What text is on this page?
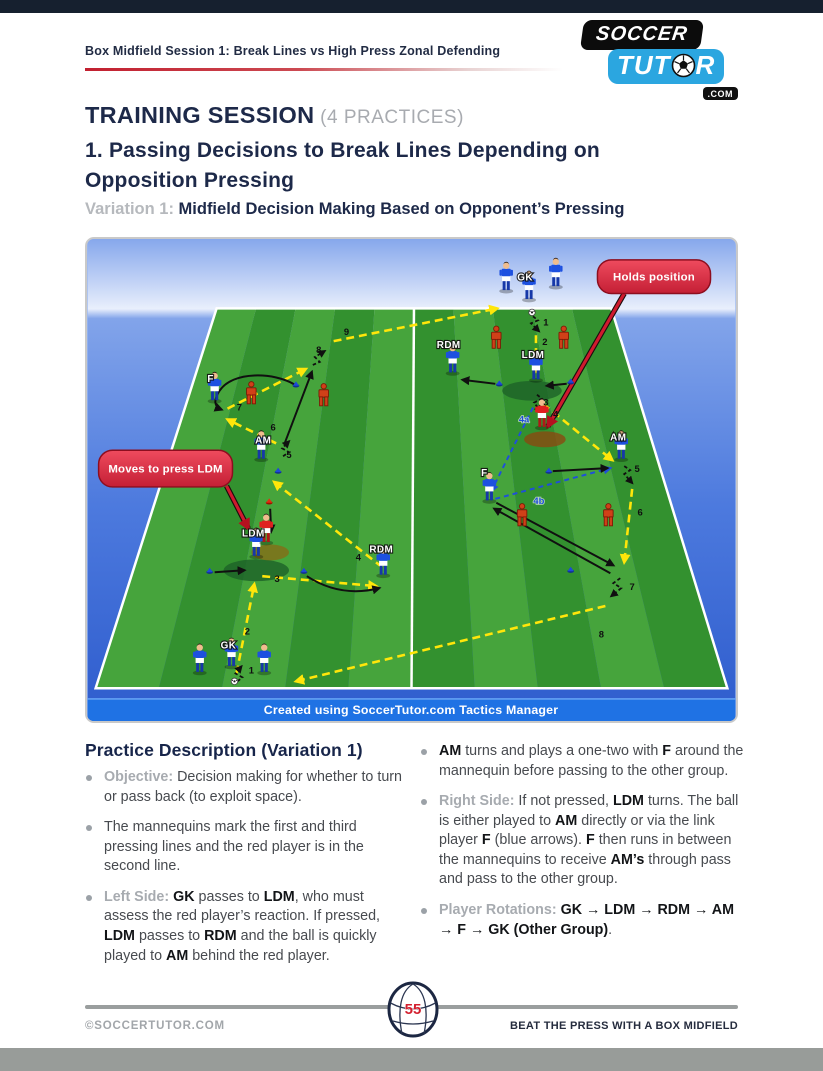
Box Midfield Session 1: Break Lines vs High Press Zonal Defending
SOCCER
TUT R
.COM
TRAINING SESSION (4 PRACTICES)
1. Passing Decisions to Break Lines Depending on Opposition Pressing
Variation 1: Midfield Decision Making Based on Opponent’s Pressing
F
AM
RDM
LDM
GK
GK
RDM
LDM
AM
F
1
2
3
4
5
6
7
8
9
1
2
3
4
5
6
7
8
4a
4b
Created using SoccerTutor.com Tactics Manager
Moves to press LDM
Holds position
Practice Description (Variation 1)

Objective: Decision making for whether to turn or pass back (to exploit space).

The mannequins mark the first and third pressing lines and the red player is in the second line.

Left Side: GK passes to LDM, who must assess the red player’s reaction. If pressed, LDM passes to RDM and the ball is quickly played to AM behind the red player.

AM turns and plays a one-two with F around the mannequin before passing to the other group.

Right Side: If not pressed, LDM turns. The ball is either played to AM directly or via the link player F (blue arrows). F then runs in between the mannequins to receive AM’s through pass and pass to the other group.

Player Rotations: GK → LDM → RDM → AM → F → GK (Other Group).

55
©SOCCERTUTOR.COM	BEAT THE PRESS WITH A BOX MIDFIELD
